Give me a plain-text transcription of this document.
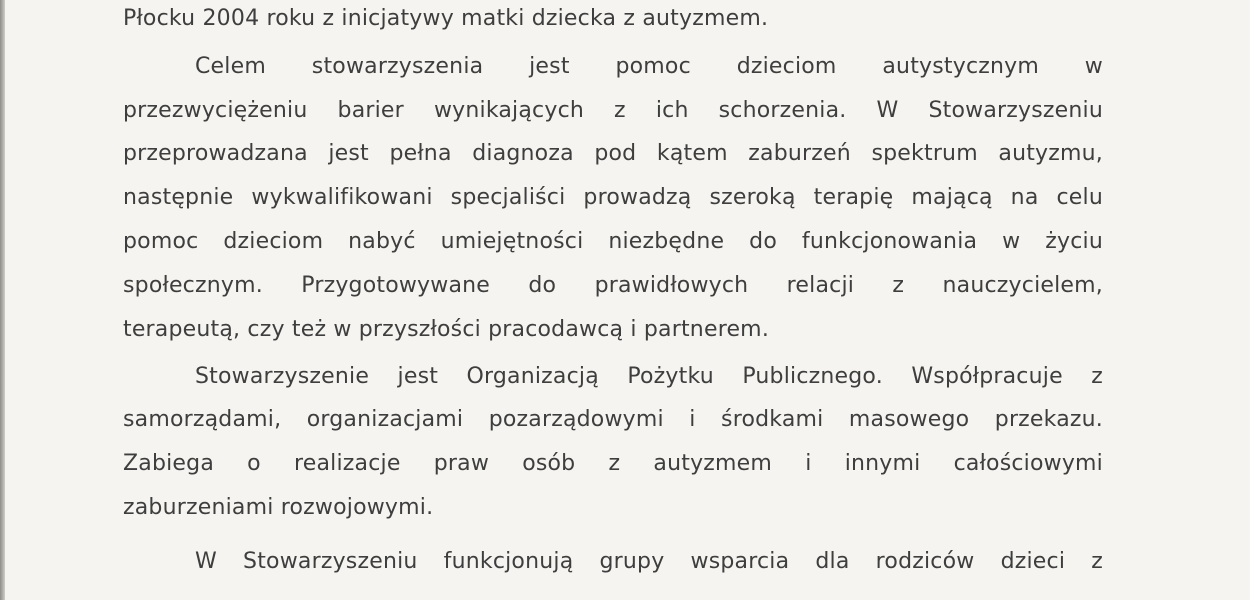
Płocku 2004 roku z inicjatywy matki dziecka z autyzmem.
Celem stowarzyszenia jest pomoc dzieciom autystycznym w
przezwyciężeniu barier wynikających z ich schorzenia. W Stowarzyszeniu
przeprowadzana jest pełna diagnoza pod kątem zaburzeń spektrum autyzmu,
następnie wykwalifikowani specjaliści prowadzą szeroką terapię mającą na celu
pomoc dzieciom nabyć umiejętności niezbędne do funkcjonowania w życiu
społecznym. Przygotowywane do prawidłowych relacji z nauczycielem,
terapeutą, czy też w przyszłości pracodawcą i partnerem.
Stowarzyszenie jest Organizacją Pożytku Publicznego. Współpracuje z
samorządami, organizacjami pozarządowymi i środkami masowego przekazu.
Zabiega o realizacje praw osób z autyzmem i innymi całościowymi
zaburzeniami rozwojowymi.
W Stowarzyszeniu funkcjonują grupy wsparcia dla rodziców dzieci z
